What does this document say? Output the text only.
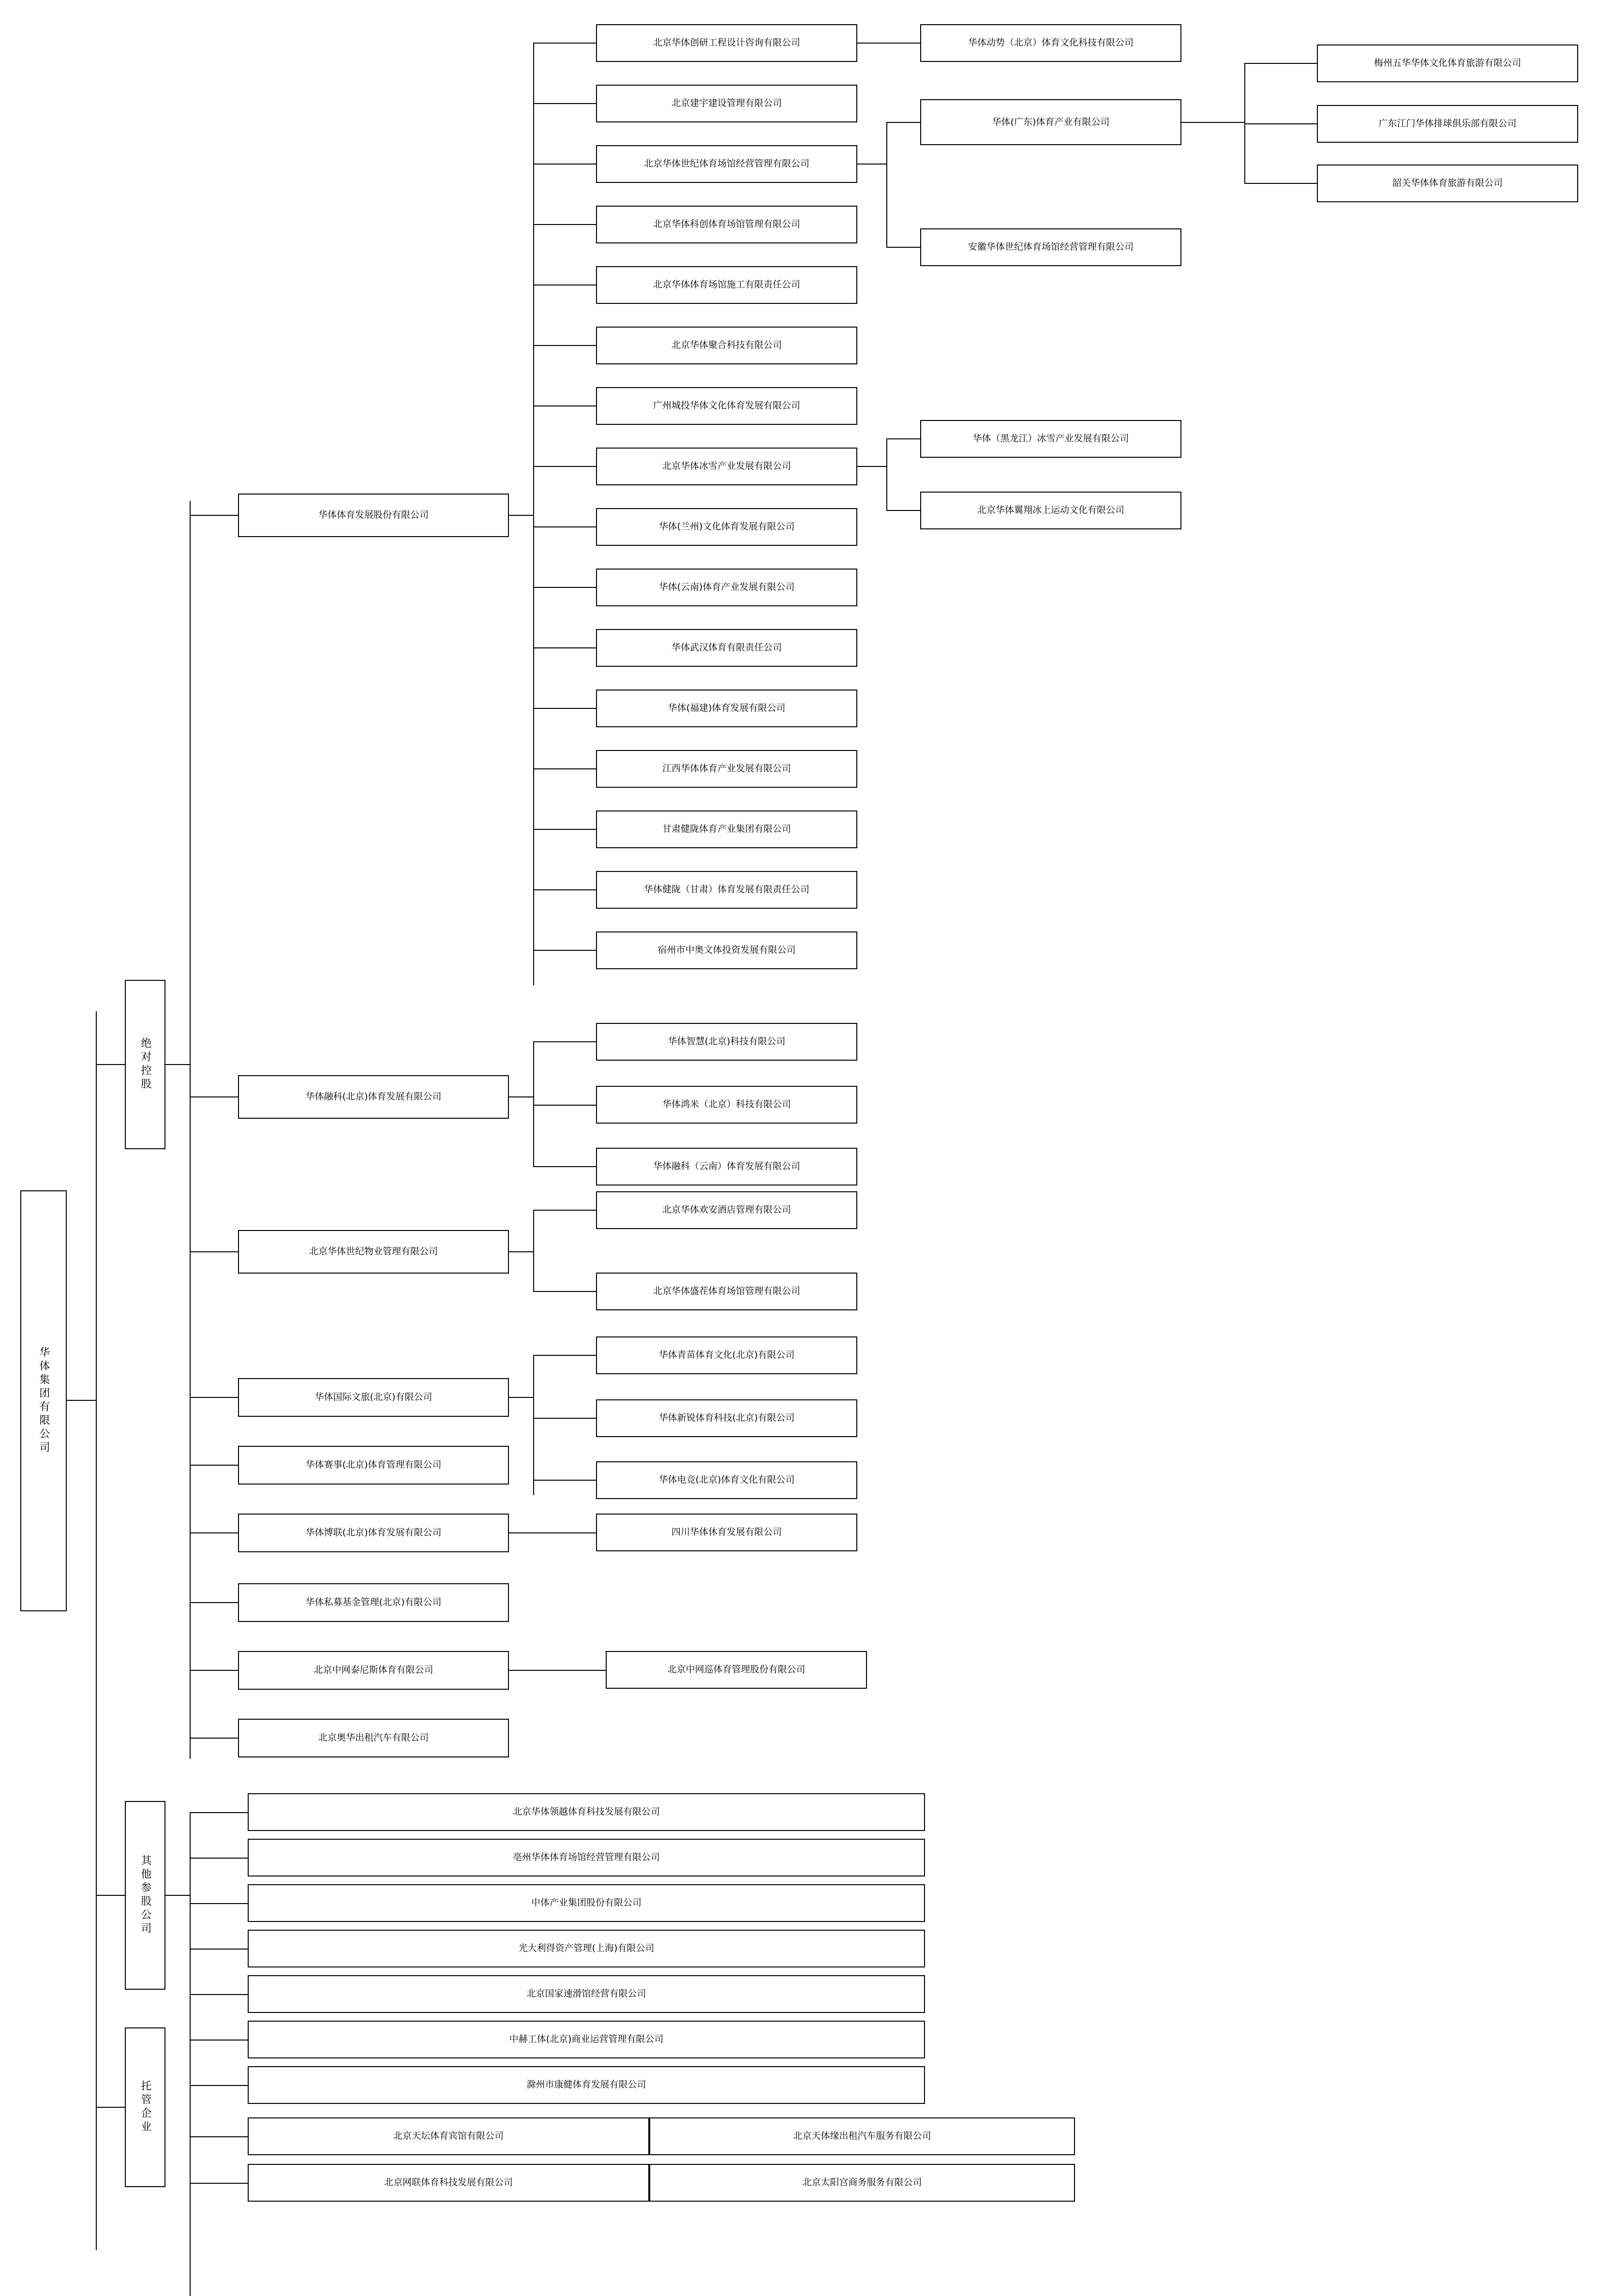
华体集团有限公司
绝对控股
其他参股公司
托管企业
华体体育发展股份有限公司
华体融科(北京)体育发展有限公司
北京华体世纪物业管理有限公司
华体国际文旅(北京)有限公司
华体赛事(北京)体育管理有限公司
华体博联(北京)体育发展有限公司
华体私募基金管理(北京)有限公司
北京中网泰尼斯体育有限公司
北京奥华出租汽车有限公司
北京华体创研工程设计咨询有限公司
北京建宇建设管理有限公司
北京华体世纪体育场馆经营管理有限公司
北京华体科创体育场馆管理有限公司
北京华体体育场馆施工有限责任公司
北京华体聚合科技有限公司
广州城投华体文化体育发展有限公司
北京华体冰雪产业发展有限公司
华体(兰州)文化体育发展有限公司
华体(云南)体育产业发展有限公司
华体武汉体育有限责任公司
华体(福建)体育发展有限公司
江西华体体育产业发展有限公司
甘肃健陇体育产业集团有限公司
华体健陇（甘肃）体育发展有限责任公司
宿州市中奥文体投资发展有限公司
华体动势（北京）体育文化科技有限公司
华体(广东)体育产业有限公司
安徽华体世纪体育场馆经营管理有限公司
梅州五华华体文化体育旅游有限公司
广东江门华体排球俱乐部有限公司
韶关华体体育旅游有限公司
华体（黑龙江）冰雪产业发展有限公司
北京华体翼翔冰上运动文化有限公司
华体智慧(北京)科技有限公司
华体鸿米（北京）科技有限公司
华体融科（云南）体育发展有限公司
北京华体欢安酒店管理有限公司
北京华体盛茬体育场馆管理有限公司
华体青苗体育文化(北京)有限公司
华体新锐体育科技(北京)有限公司
华体电竞(北京)体育文化有限公司
四川华体休育发展有限公司
北京中网巡体育管理股份有限公司
北京华体领越体育科技发展有限公司
亳州华体体育场馆经营管理有限公司
中体产业集团股份有限公司
光大利得资产管理(上海)有限公司
北京国家速滑馆经营有限公司
中赫工体(北京)商业运营管理有限公司
滁州市康健体育发展有限公司
北京天坛体育宾馆有限公司
北京网联体育科技发展有限公司
北京天体缘出租汽车服务有限公司
北京太阳宫商务服务有限公司
